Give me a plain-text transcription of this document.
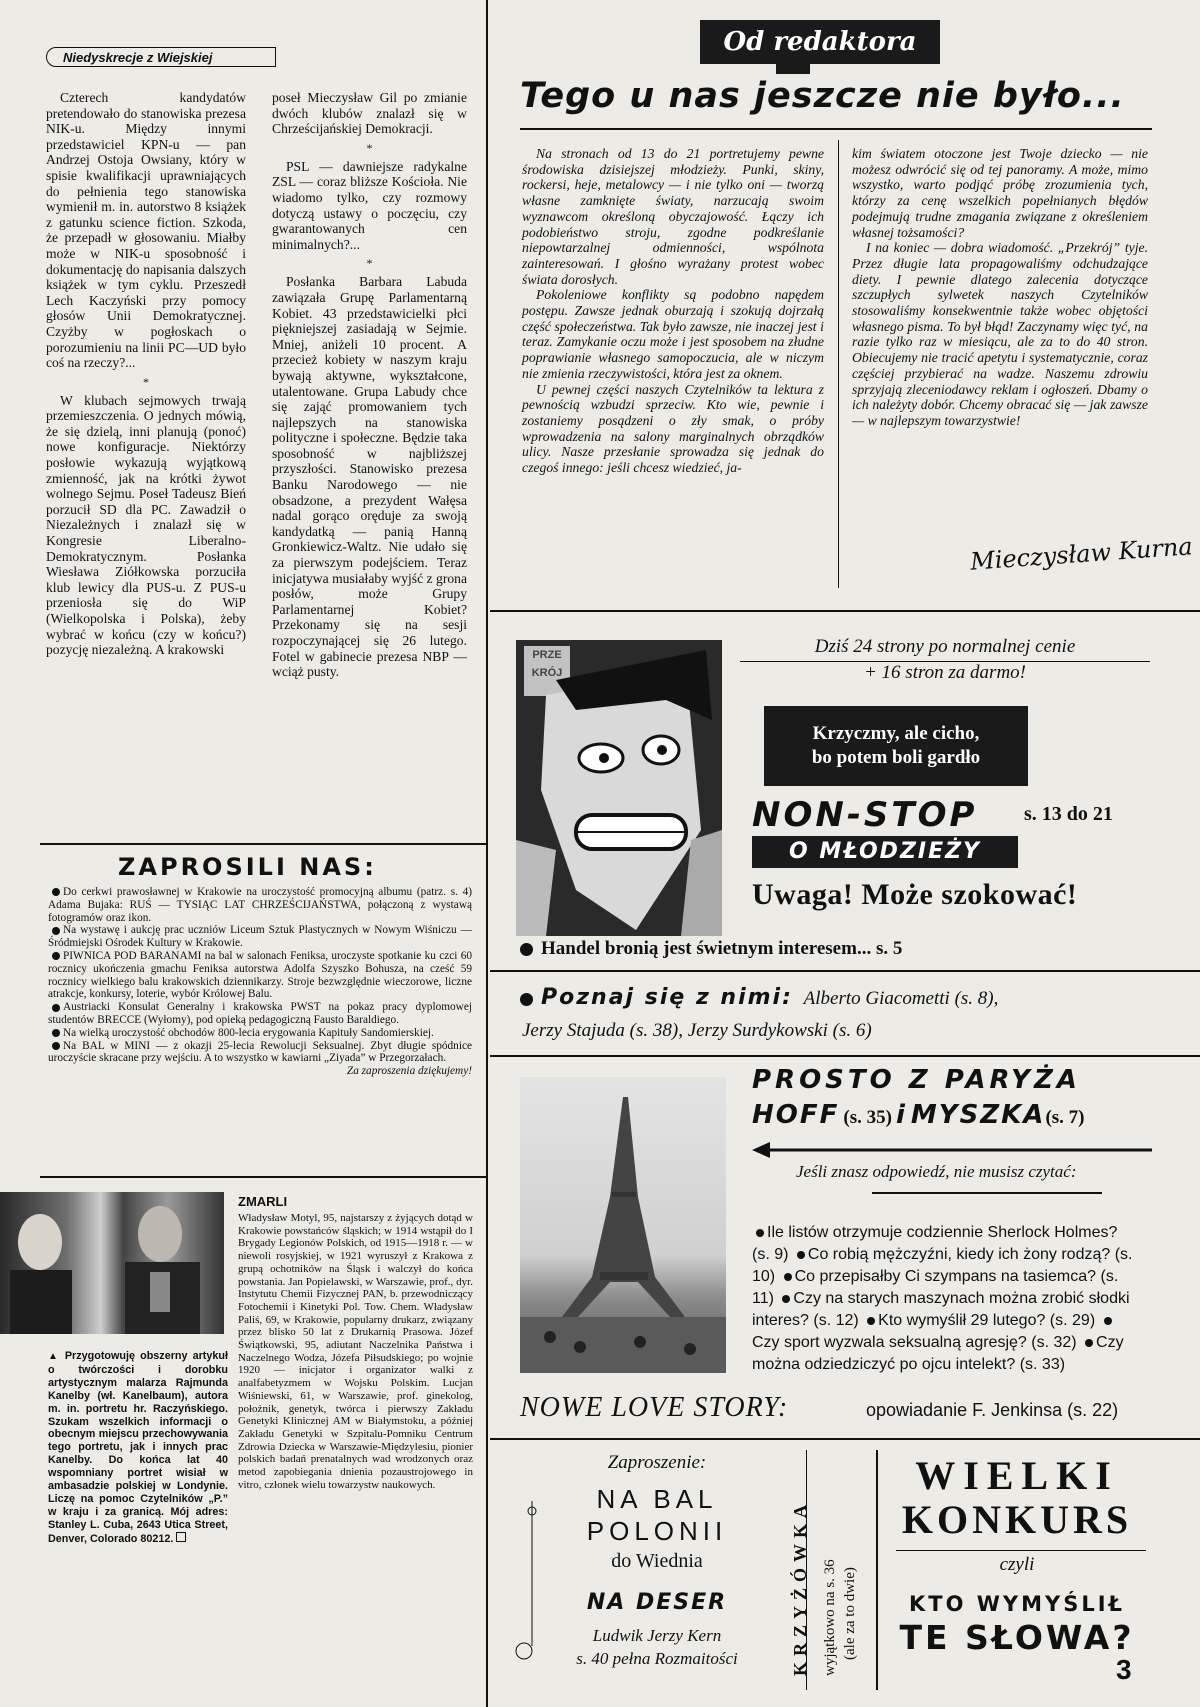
Niedyskrecje z Wiejskiej

Czterech kandydatów pretendowało do stanowiska prezesa NIK-u. Między innymi przedstawiciel KPN-u — pan Andrzej Ostoja Owsiany, który w spisie kwalifikacji uprawniających do pełnienia tego stanowiska wymienił m. in. autorstwo 8 książek z gatunku science fiction. Szkoda, że przepadł w głosowaniu. Miałby może w NIK-u sposobność i dokumentację do napisania dalszych książek w tym cyklu. Przeszedł Lech Kaczyński przy pomocy głosów Unii Demokratycznej. Czyżby w pogłoskach o porozumieniu na linii PC—UD było coś na rzeczy?...

*

W klubach sejmowych trwają przemieszczenia. O jednych mówią, że się dzielą, inni planują (ponoć) nowe konfiguracje. Niektórzy posłowie wykazują wyjątkową zmienność, jak na krótki żywot wolnego Sejmu. Poseł Tadeusz Bień porzucił SD dla PC. Zawadził o Niezależnych i znalazł się w Kongresie Liberalno-Demokratycznym. Posłanka Wiesława Ziółkowska porzuciła klub lewicy dla PUS-u. Z PUS-u przeniosła się do WiP (Wielkopolska i Polska), żeby wybrać w końcu (czy w końcu?) pozycję niezależną. A krakowski

poseł Mieczysław Gil po zmianie dwóch klubów znalazł się w Chrześcijańskiej Demokracji.

*

PSL — dawniejsze radykalne ZSL — coraz bliższe Kościoła. Nie wiadomo tylko, czy rozmowy dotyczą ustawy o poczęciu, czy gwarantowanych cen minimalnych?...

*

Posłanka Barbara Labuda zawiązała Grupę Parlamentarną Kobiet. 43 przedstawicielki płci piękniejszej zasiadają w Sejmie. Mniej, aniżeli 10 procent. A przecież kobiety w naszym kraju bywają aktywne, wykształcone, utalentowane. Grupa Labudy chce się zająć promowaniem tych najlepszych na stanowiska polityczne i społeczne. Będzie taka sposobność w najbliższej przyszłości. Stanowisko prezesa Banku Narodowego — nie obsadzone, a prezydent Wałęsa nadal gorąco oręduje za swoją kandydatką — panią Hanną Gronkiewicz-Waltz. Nie udało się za pierwszym podejściem. Teraz inicjatywa musiałaby wyjść z grona posłów, może Grupy Parlamentarnej Kobiet? Przekonamy się na sesji rozpoczynającej się 26 lutego. Fotel w gabinecie prezesa NBP — wciąż pusty.

ZAPROSILI NAS:

Do cerkwi prawosławnej w Krakowie na uroczystość promocyjną albumu (patrz. s. 4) Adama Bujaka: RUŚ — TYSIĄC LAT CHRZEŚCIJAŃSTWA, połączoną z wystawą fotogramów oraz ikon.

Na wystawę i aukcję prac uczniów Liceum Sztuk Plastycznych w Nowym Wiśniczu — Śródmiejski Ośrodek Kultury w Krakowie.

PIWNICA POD BARANAMI na bal w salonach Feniksa, uroczyste spotkanie ku czci 60 rocznicy ukończenia gmachu Feniksa autorstwa Adolfa Szyszko Bohusza, na cześć 59 rocznicy wielkiego balu krakowskich dziennikarzy. Stroje bezwzględnie wieczorowe, liczne atrakcje, konkursy, loterie, wybór Królowej Balu.

Austriacki Konsulat Generalny i krakowska PWST na pokaz pracy dyplomowej studentów BRECCE (Wyłomy), pod opieką pedagogiczną Fausto Baraldiego.

Na wielką uroczystość obchodów 800-lecia erygowania Kapituły Sandomierskiej.

Na BAL w MINI — z okazji 25-lecia Rewolucji Seksualnej. Zbyt długie spódnice uroczyście skracane przy wejściu. A to wszystko w kawiarni „Ziyada” w Przegorzałach.

Za zaproszenia dziękujemy!

▲ Przygotowuję obszerny artykuł o twórczości i dorobku artystycznym malarza Rajmunda Kanelby (wł. Kanelbaum), autora m. in. portretu hr. Raczyńskiego. Szukam wszelkich informacji o obecnym miejscu przechowywania tego portretu, jak i innych prac Kanelby. Do końca lat 40 wspomniany portret wisiał w ambasadzie polskiej w Londynie. Liczę na pomoc Czytelników „P.” w kraju i za granicą. Mój adres: Stanley L. Cuba, 2643 Utica Street, Denver, Colorado 80212.
ZMARLI
Władysław Motyl, 95, najstarszy z żyjących dotąd w Krakowie powstańców śląskich; w 1914 wstąpił do I Brygady Legionów Polskich, od 1915—1918 r. — w niewoli rosyjskiej, w 1921 wyruszył z Krakowa z grupą ochotników na Śląsk i walczył do końca powstania. Jan Popielawski, w Warszawie, prof., dyr. Instytutu Chemii Fizycznej PAN, b. przewodniczący Fotochemii i Kinetyki Pol. Tow. Chem. Władysław Paliś, 69, w Krakowie, popularny drukarz, związany przez blisko 50 lat z Drukarnią Prasowa. Józef Świątkowski, 95, adiutant Naczelnika Państwa i Naczelnego Wodza, Józefa Piłsudskiego; po wojnie 1920 — inicjator i organizator walki z analfabetyzmem w Wojsku Polskim. Lucjan Wiśniewski, 61, w Warszawie, prof. ginekolog, położnik, genetyk, twórca i pierwszy Zakładu Genetyki Klinicznej AM w Białymstoku, a później Zakładu Genetyki w Szpitalu-Pomniku Centrum Zdrowia Dziecka w Warszawie-Międzylesiu, pionier polskich badań prenatalnych wad wrodzonych oraz metod zapobiegania dnienia pozaustrojowego in vitro, członek wielu towarzystw naukowych.
Od redaktora
Tego u nas jeszcze nie było...

Na stronach od 13 do 21 portretujemy pewne środowiska dzisiejszej młodzieży. Punki, skiny, rockersi, heje, metalowcy — i nie tylko oni — tworzą własne zamknięte światy, narzucają swoim wyznawcom określoną obyczajowość. Łączy ich podobieństwo stroju, zgodne podkreślanie niepowtarzalnej odmienności, wspólnota zainteresowań. I głośno wyrażany protest wobec świata dorosłych.

Pokoleniowe konflikty są podobno napędem postępu. Zawsze jednak oburzają i szokują dojrzałą część społeczeństwa. Tak było zawsze, nie inaczej jest i teraz. Zamykanie oczu może i jest sposobem na złudne poprawianie własnego samopoczucia, ale w niczym nie zmienia rzeczywistości, która jest za oknem.

U pewnej części naszych Czytelników ta lektura z pewnością wzbudzi sprzeciw. Kto wie, pewnie i zostaniemy posądzeni o zły smak, o próby wprowadzenia na salony marginalnych obrządków ulicy. Nasze przesłanie sprowadza się jednak do czegoś innego: jeśli chcesz wiedzieć, ja-

kim światem otoczone jest Twoje dziecko — nie możesz odwrócić się od tej panoramy. A może, mimo wszystko, warto podjąć próbę zrozumienia tych, którzy za cenę wszelkich popełnianych błędów podejmują trudne zmagania związane z określeniem własnej tożsamości?

I na koniec — dobra wiadomość. „Przekrój” tyje. Przez długie lata propagowaliśmy odchudzające diety. I pewnie dlatego zalecenia dotyczące szczupłych sylwetek naszych Czytelników stosowaliśmy konsekwentnie także wobec objętości własnego pisma. To był błąd! Zaczynamy więc tyć, na razie tylko raz w miesiącu, ale za to do 40 stron. Obiecujemy nie tracić apetytu i systematycznie, coraz częściej przybierać na wadze. Naszemu zdrowiu sprzyjają zleceniodawcy reklam i ogłoszeń. Dbamy o ich należyty dobór. Chcemy obracać się — jak zawsze — w najlepszym towarzystwie!

Mieczysław Kurna
PRZE KRÓJ
Dziś 24 strony po normalnej cenie
+ 16 stron za darmo!
Krzyczmy, ale cicho,
bo potem boli gardło
NON-STOP s. 13 do 21
O MŁODZIEŻY
Uwaga! Może szokować!
Handel bronią jest świetnym interesem... s. 5
Poznaj się z nimi: Alberto Giacometti (s. 8),
Jerzy Stajuda (s. 38), Jerzy Surdykowski (s. 6)
PROSTO Z PARYŻA
HOFF (s. 35) i MYSZKA(s. 7)
Jeśli znasz odpowiedź, nie musisz czytać:
Ile listów otrzymuje codziennie Sherlock Holmes? (s. 9) Co robią mężczyźni, kiedy ich żony rodzą? (s. 10) Co przepisałby Ci szympans na tasiemca? (s. 11) Czy na starych maszynach można zrobić słodki interes? (s. 12) Kto wymyślił 29 lutego? (s. 29) Czy sport wyzwala seksualną agresję? (s. 32) Czy można odziedziczyć po ojcu intelekt? (s. 33)
NOWE LOVE STORY:	opowiadanie F. Jenkinsa (s. 22)
Zaproszenie:
NA BAL
POLONII
do Wiednia
NA DESER
Ludwik Jerzy Kern
s. 40 pełna Rozmaitości	KRZYŻÓWKA wyjątkowo na s. 36 (ale za to dwie)
WIELKI
KONKURS
czyli
KTO WYMYŚLIŁ
TE SŁOWA?
3
